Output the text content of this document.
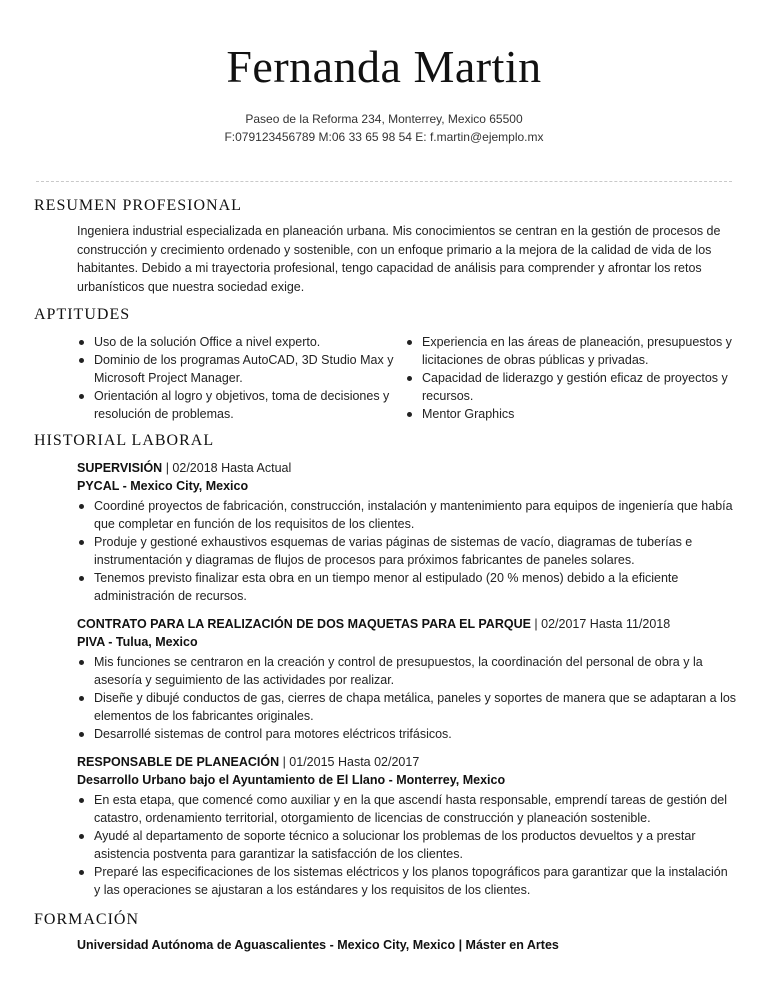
Fernanda Martin

Paseo de la Reforma 234, Monterrey, Mexico 65500

F:079123456789 M:06 33 65 98 54 E: f.martin@ejemplo.mx

RESUMEN PROFESIONAL

Ingeniera industrial especializada en planeación urbana. Mis conocimientos se centran en la gestión de procesos de construcción y crecimiento ordenado y sostenible, con un enfoque primario a la mejora de la calidad de vida de los habitantes. Debido a mi trayectoria profesional, tengo capacidad de análisis para comprender y afrontar los retos urbanísticos que nuestra sociedad exige.

APTITUDES
Uso de la solución Office a nivel experto.
Dominio de los programas AutoCAD, 3D Studio Max y Microsoft Project Manager.
Orientación al logro y objetivos, toma de decisiones y resolución de problemas.
Experiencia en las áreas de planeación, presupuestos y licitaciones de obras públicas y privadas.
Capacidad de liderazgo y gestión eficaz de proyectos y recursos.
Mentor Graphics
HISTORIAL LABORAL

SUPERVISIÓN | 02/2018 Hasta Actual

PYCAL - Mexico City, Mexico

Coordiné proyectos de fabricación, construcción, instalación y mantenimiento para equipos de ingeniería que había que completar en función de los requisitos de los clientes.
Produje y gestioné exhaustivos esquemas de varias páginas de sistemas de vacío, diagramas de tuberías e instrumentación y diagramas de flujos de procesos para próximos fabricantes de paneles solares.
Tenemos previsto finalizar esta obra en un tiempo menor al estipulado (20 % menos) debido a la eficiente administración de recursos.

CONTRATO PARA LA REALIZACIÓN DE DOS MAQUETAS PARA EL PARQUE | 02/2017 Hasta 11/2018

PIVA - Tulua, Mexico

Mis funciones se centraron en la creación y control de presupuestos, la coordinación del personal de obra y la asesoría y seguimiento de las actividades por realizar.
Diseñe y dibujé conductos de gas, cierres de chapa metálica, paneles y soportes de manera que se adaptaran a los elementos de los fabricantes originales.
Desarrollé sistemas de control para motores eléctricos trifásicos.

RESPONSABLE DE PLANEACIÓN | 01/2015 Hasta 02/2017

Desarrollo Urbano bajo el Ayuntamiento de El Llano - Monterrey, Mexico

En esta etapa, que comencé como auxiliar y en la que ascendí hasta responsable, emprendí tareas de gestión del catastro, ordenamiento territorial, otorgamiento de licencias de construcción y planeación sostenible.
Ayudé al departamento de soporte técnico a solucionar los problemas de los productos devueltos y a prestar asistencia postventa para garantizar la satisfacción de los clientes.
Preparé las especificaciones de los sistemas eléctricos y los planos topográficos para garantizar que la instalación y las operaciones se ajustaran a los estándares y los requisitos de los clientes.
FORMACIÓN

Universidad Autónoma de Aguascalientes - Mexico City, Mexico | Máster en Artes
